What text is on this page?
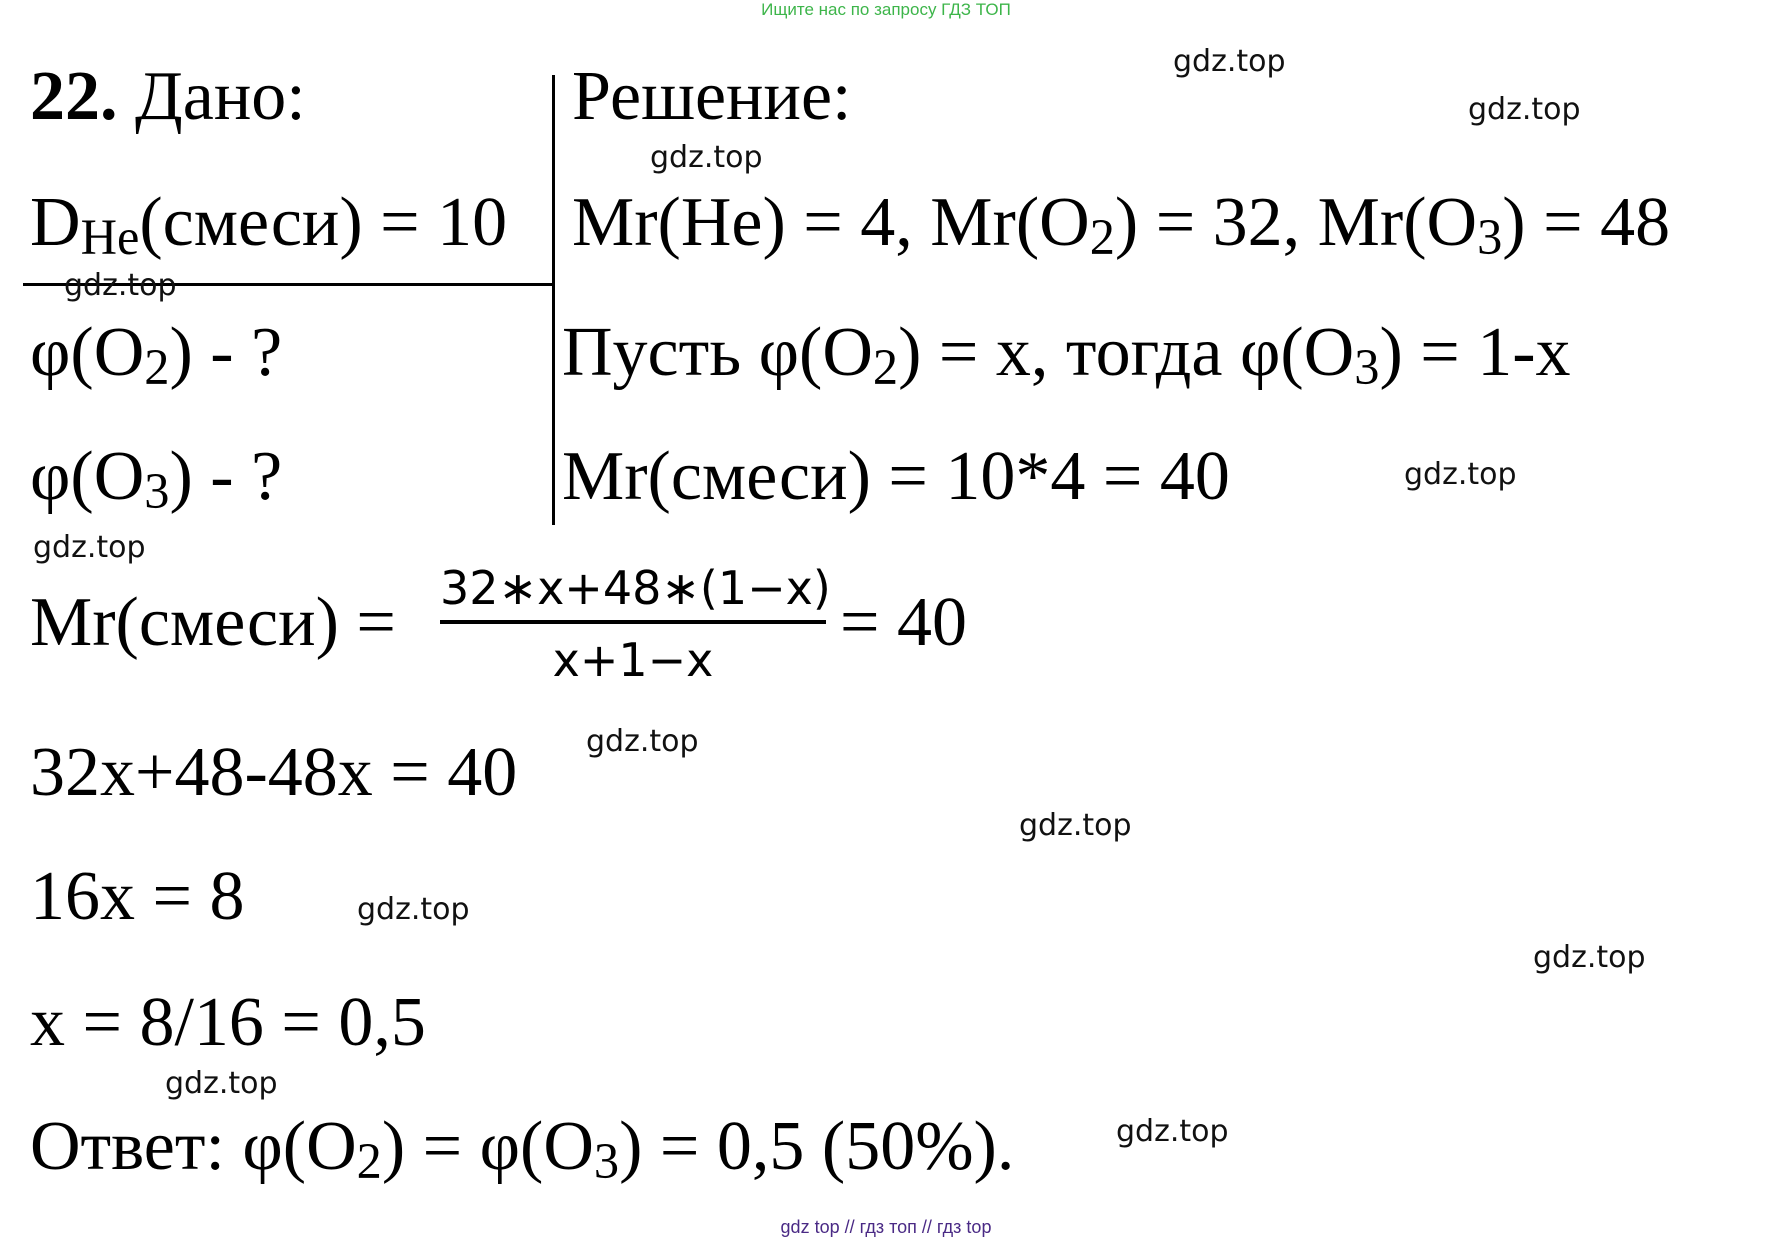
Ищите нас по запросу ГДЗ ТОП
22. Дано:	Решение:
DHe(смеси) = 10
φ(O2) - ?
φ(O3) - ?
Mr(He) = 4, Mr(O2) = 32, Mr(O3) = 48
Пусть φ(O2) = x, тогда φ(O3) = 1-x
Mr(смеси) = 10*4 = 40
Mr(смеси) = 32∗x+48∗(1−x)
x+1−x	= 40
32x+48-48x = 40
16x = 8
x = 8/16 = 0,5
Ответ: φ(O2) = φ(O3) = 0,5 (50%).
gdz.top
gdz.top
gdz.top
gdz.top
gdz.top
gdz.top
gdz.top
gdz.top
gdz.top
gdz.top
gdz.top
gdz.top
gdz top // гдз топ // гдз top
